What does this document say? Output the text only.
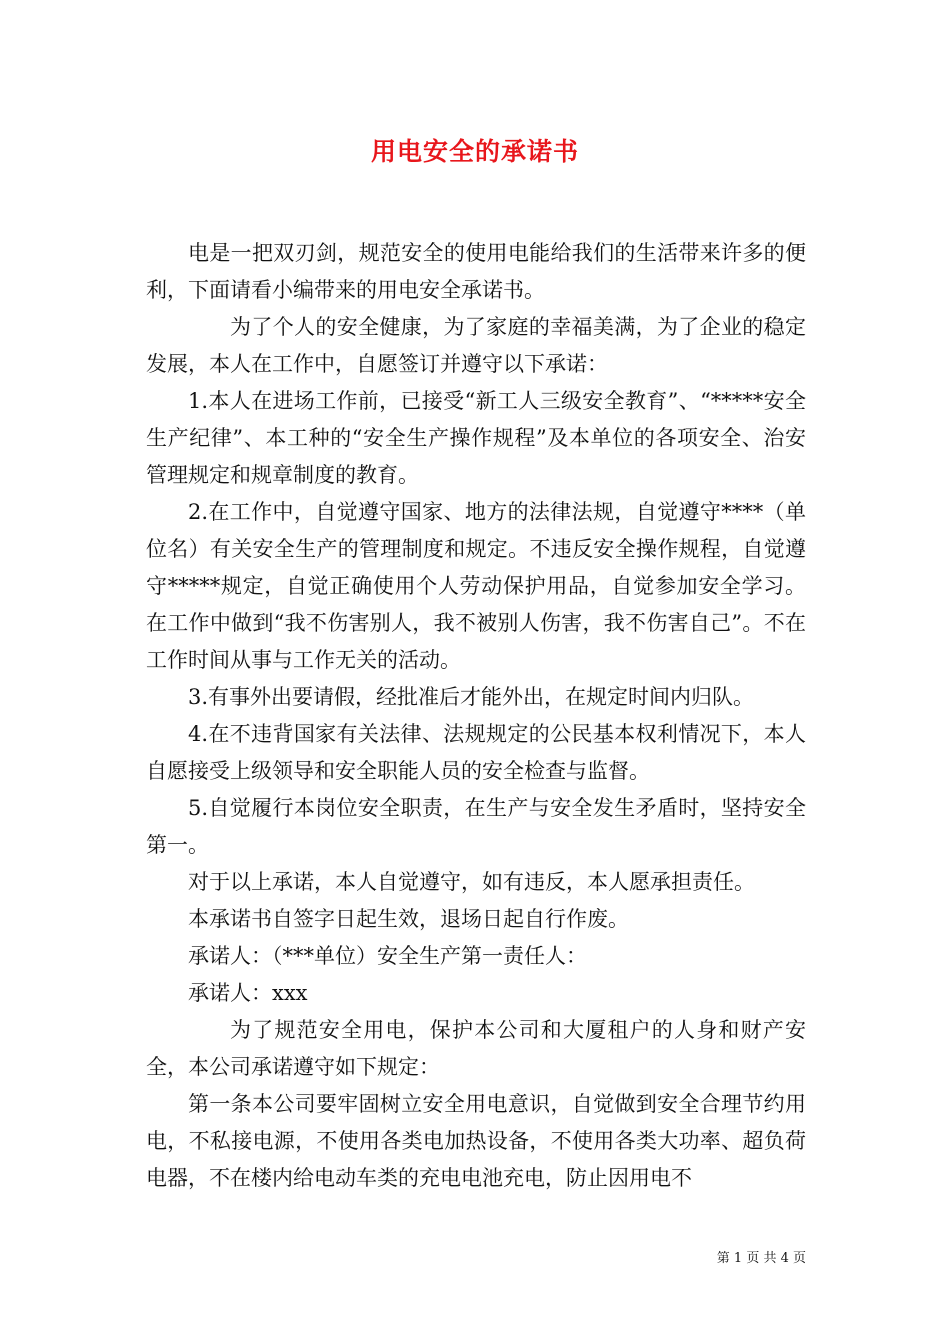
用电安全的承诺书

电是一把双刃剑，规范安全的使用电能给我们的生活带来许多的便利，下面请看小编带来的用电安全承诺书。

为了个人的安全健康，为了家庭的幸福美满，为了企业的稳定发展，本人在工作中，自愿签订并遵守以下承诺：

1.本人在进场工作前，已接受“新工人三级安全教育”、“*****安全生产纪律”、本工种的“安全生产操作规程”及本单位的各项安全、治安管理规定和规章制度的教育。

2.在工作中，自觉遵守国家、地方的法律法规，自觉遵守****（单位名）有关安全生产的管理制度和规定。不违反安全操作规程，自觉遵守*****规定，自觉正确使用个人劳动保护用品，自觉参加安全学习。在工作中做到“我不伤害别人，我不被别人伤害，我不伤害自己”。不在工作时间从事与工作无关的活动。

3.有事外出要请假，经批准后才能外出，在规定时间内归队。

4.在不违背国家有关法律、法规规定的公民基本权利情况下，本人自愿接受上级领导和安全职能人员的安全检查与监督。

5.自觉履行本岗位安全职责，在生产与安全发生矛盾时，坚持安全第一。

对于以上承诺，本人自觉遵守，如有违反，本人愿承担责任。

本承诺书自签字日起生效，退场日起自行作废。

承诺人：（***单位）安全生产第一责任人：

承诺人：xxx

为了规范安全用电，保护本公司和大厦租户的人身和财产安全，本公司承诺遵守如下规定：

第一条本公司要牢固树立安全用电意识，自觉做到安全合理节约用电，不私接电源，不使用各类电加热设备，不使用各类大功率、超负荷电器，不在楼内给电动车类的充电电池充电，防止因用电不

第 1 页 共 4 页
